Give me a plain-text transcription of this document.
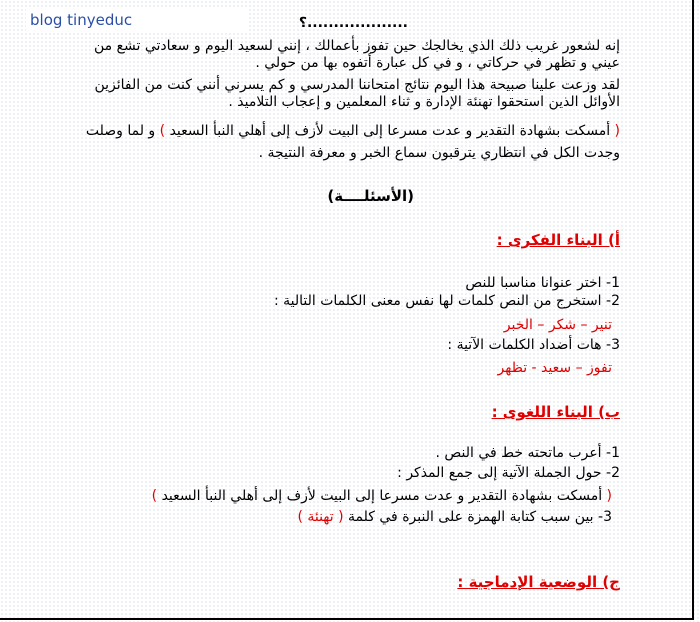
blog tinyeduc	...................؟
إنه لشعور غريب ذلك الذي يخالجك حين تفوز بأعمالك ، إنني لسعيد اليوم و سعادتي تشع من
عيني و تظهر في حركاتي ، و في كل عبارة أتفوه بها من حولي .
لقد وزعت علينا صبيحة هذا اليوم نتائج امتحاننا المدرسي و كم يسرني أنني كنت من الفائزين
الأوائل الذين استحقوا تهنئة الإدارة و ثناء المعلمين و إعجاب التلاميذ .
( أمسكت بشهادة التقدير و عدت مسرعا إلى البيت لأزف إلى أهلي النبأ السعيد ) و لما وصلت
وجدت الكل في انتظاري يترقبون سماع الخبر و معرفة النتيجة .
(الأسئلــــة)
أ) البناء الفكرى :
1- اختر عنوانا مناسبا للنص
2- استخرج من النص كلمات لها نفس معنى الكلمات التالية :
تنير – شكر – الخبر
3- هات أضداد الكلمات الآتية :
تفوز – سعيد - تظهر
ب) البناء اللغوى :
1- أعرب ماتحته خط في النص .
2- حول الجملة الآتية إلى جمع المذكر :
( أمسكت بشهادة التقدير و عدت مسرعا إلى البيت لأزف إلى أهلي النبأ السعيد )
3- بين سبب كتابة الهمزة على النبرة في كلمة ( تهنئة )
ج) الوضعية الإدماجية :
